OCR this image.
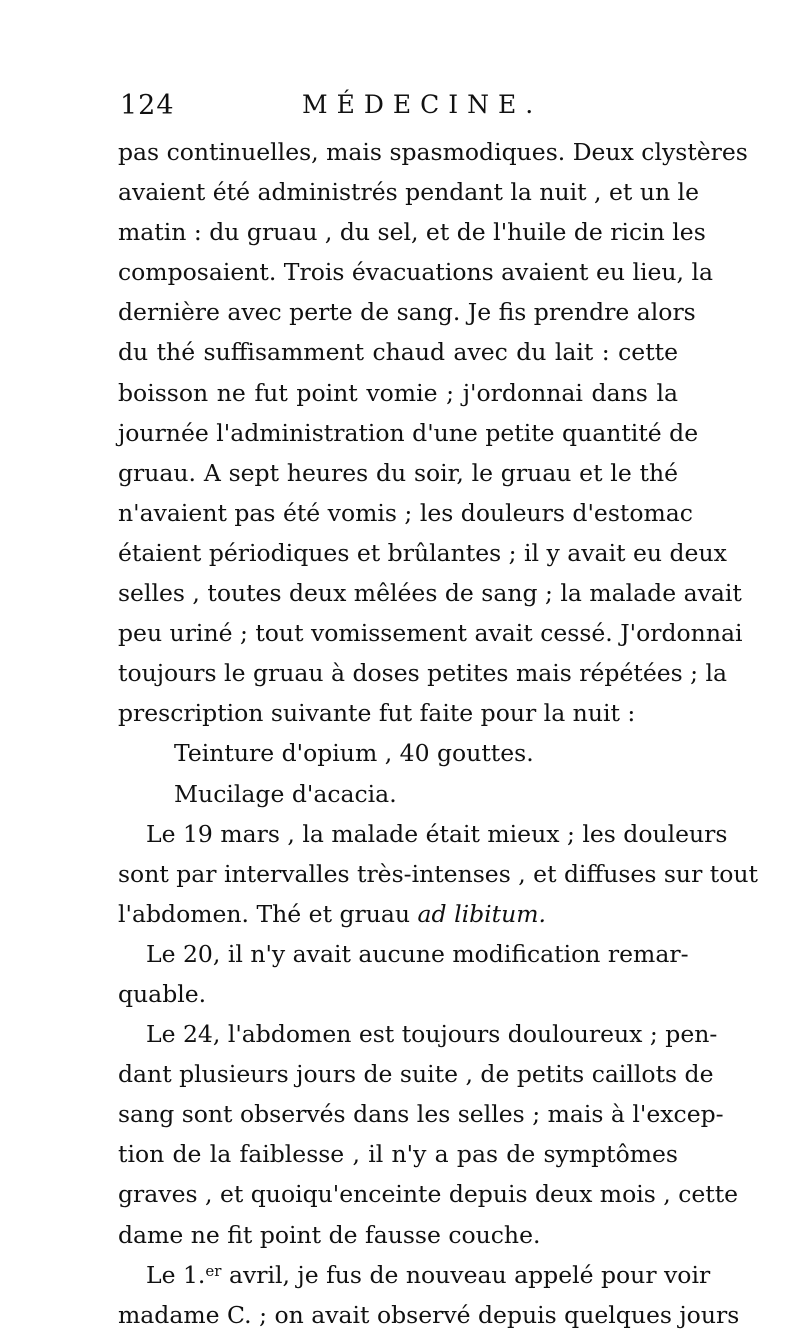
124	MÉDECINE.
pas continuelles, mais spasmodiques. Deux clystères
avaient été administrés pendant la nuit , et un le
matin : du gruau , du sel, et de l'huile de ricin les
composaient. Trois évacuations avaient eu lieu, la
dernière avec perte de sang. Je fis prendre alors
du thé suffisamment chaud avec du lait : cette
boisson ne fut point vomie ; j'ordonnai dans la
journée l'administration d'une petite quantité de
gruau. A sept heures du soir, le gruau et le thé
n'avaient pas été vomis ; les douleurs d'estomac
étaient périodiques et brûlantes ; il y avait eu deux
selles , toutes deux mêlées de sang ; la malade avait
peu uriné ; tout vomissement avait cessé. J'ordonnai
toujours le gruau à doses petites mais répétées ; la
prescription suivante fut faite pour la nuit :
Teinture d'opium , 40 gouttes.
Mucilage d'acacia.
Le 19 mars , la malade était mieux ; les douleurs
sont par intervalles très-intenses , et diffuses sur tout
l'abdomen. Thé et gruau ad libitum.
Le 20, il n'y avait aucune modification remar-
quable.
Le 24, l'abdomen est toujours douloureux ; pen-
dant plusieurs jours de suite , de petits caillots de
sang sont observés dans les selles ; mais à l'excep-
tion de la faiblesse , il n'y a pas de symptômes
graves , et quoiqu'enceinte depuis deux mois , cette
dame ne fit point de fausse couche.
Le 1.$^{er}$ avril, je fus de nouveau appelé pour voir
madame C. ; on avait observé depuis quelques jours
